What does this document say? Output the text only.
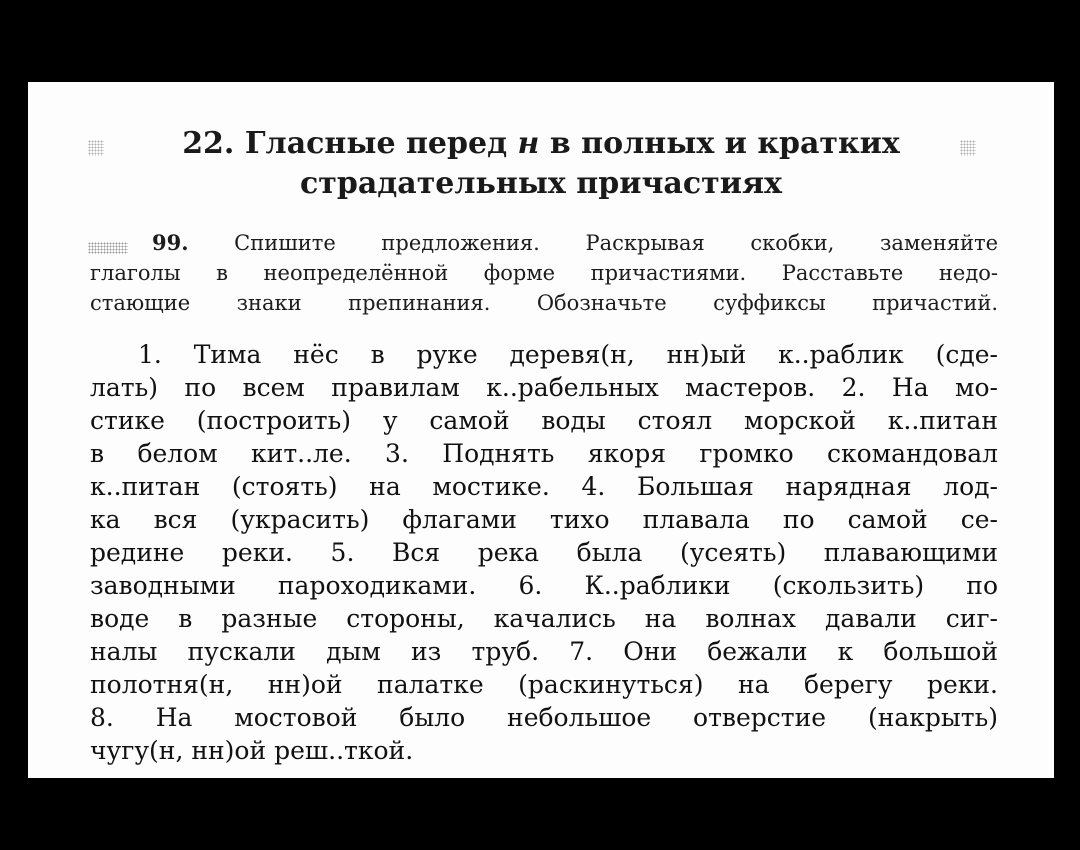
22. Гласные перед н в полных и кратких
страдательных причастиях
99. Спишите предложения. Раскрывая скобки, заменяйте
глаголы в неопределённой форме причастиями. Расставьте недо-
стающие знаки препинания. Обозначьте суффиксы причастий.
1. Тима нёс в руке деревя(н, нн)ый к..раблик (сде-
лать) по всем правилам к..рабельных мастеров. 2. На мо-
стике (построить) у самой воды стоял морской к..питан
в белом кит..ле. 3. Поднять якоря громко скомандовал
к..питан (стоять) на мостике. 4. Большая нарядная лод-
ка вся (украсить) флагами тихо плавала по самой се-
редине реки. 5. Вся река была (усеять) плавающими
заводными пароходиками. 6. К..раблики (скользить) по
воде в разные стороны, качались на волнах давали сиг-
налы пускали дым из труб. 7. Они бежали к большой
полотня(н, нн)ой палатке (раскинуться) на берегу реки.
8. На мостовой было небольшое отверстие (накрыть)
чугу(н, нн)ой реш..ткой.
